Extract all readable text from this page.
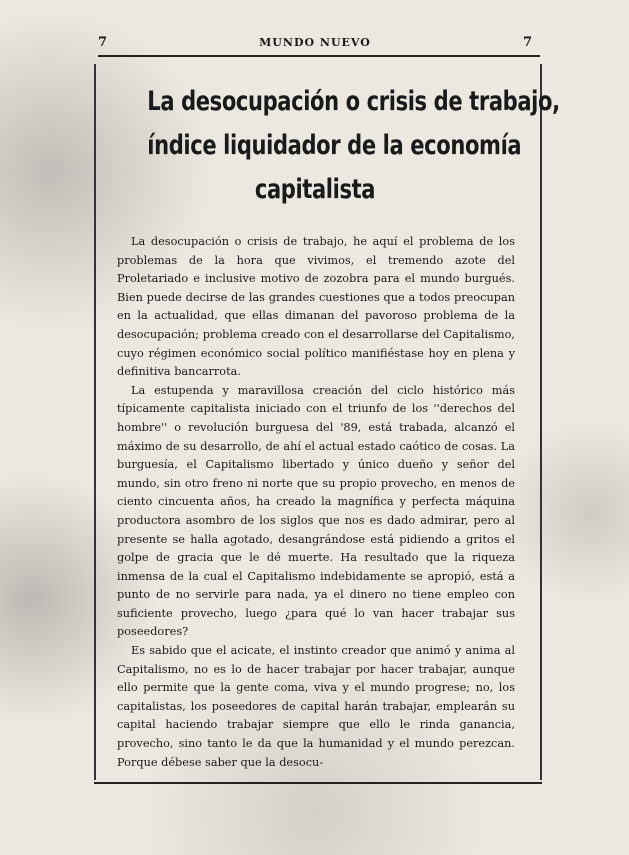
7	MUNDO NUEVO	7
La desocupación o crisis de trabajo,
índice liquidador de la economía
capitalista

La desocupación o crisis de trabajo, he aquí el problema de los problemas de la hora que vivimos, el tremendo azote del Proletariado e inclusive motivo de zozobra para el mundo burgués. Bien puede decirse de las grandes cuestiones que a todos preocupan en la actualidad, que ellas dimanan del pavoroso problema de la desocupación; problema creado con el desarrollarse del Capitalismo, cuyo régimen económico social político manifiéstase hoy en plena y definitiva bancarrota.

La estupenda y maravillosa creación del ciclo histórico más típicamente capitalista iniciado con el triunfo de los ''derechos del hombre'' o revolución burguesa del '89, está trabada, alcanzó el máximo de su desarrollo, de ahí el actual estado caótico de cosas. La burguesía, el Capitalismo libertado y único dueño y señor del mundo, sin otro freno ni norte que su propio provecho, en menos de ciento cincuenta años, ha creado la magnífica y perfecta máquina productora asombro de los siglos que nos es dado admirar, pero al presente se halla agotado, desangrándose está pidiendo a gritos el golpe de gracia que le dé muerte. Ha resultado que la riqueza inmensa de la cual el Capitalismo indebidamente se apropió, está a punto de no servirle para nada, ya el dinero no tiene empleo con suficiente provecho, luego ¿para qué lo van hacer trabajar sus poseedores?

Es sabido que el acicate, el instinto creador que animó y anima al Capitalismo, no es lo de hacer trabajar por hacer trabajar, aunque ello permite que la gente coma, viva y el mundo progrese; no, los capitalistas, los poseedores de capital harán trabajar, emplearán su capital haciendo trabajar siempre que ello le rinda ganancia, provecho, sino tanto le da que la humanidad y el mundo perezcan. Porque débese saber que la desocu-
